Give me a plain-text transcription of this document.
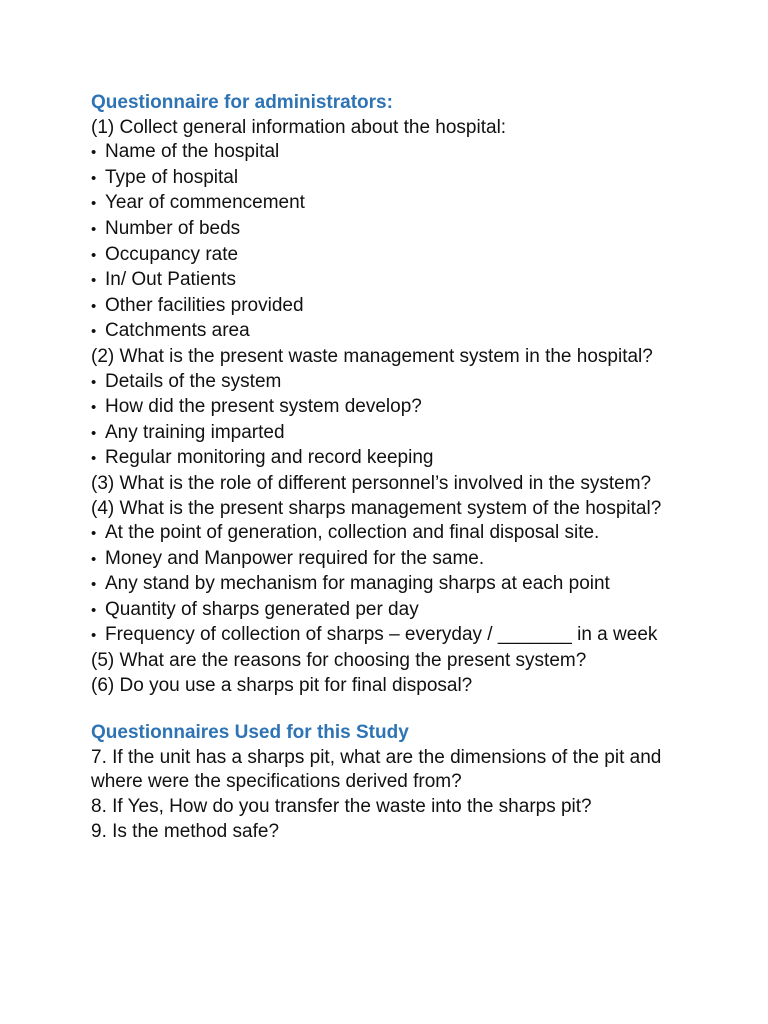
Questionnaire for administrators:
(1) Collect general information about the hospital:
• Name of the hospital
• Type of hospital
• Year of commencement
• Number of beds
• Occupancy rate
• In/ Out Patients
• Other facilities provided
• Catchments area
(2) What is the present waste management system in the hospital?
• Details of the system
• How did the present system develop?
• Any training imparted
• Regular monitoring and record keeping
(3) What is the role of different personnel’s involved in the system?
(4) What is the present sharps management system of the hospital?
• At the point of generation, collection and final disposal site.
• Money and Manpower required for the same.
• Any stand by mechanism for managing sharps at each point
• Quantity of sharps generated per day
• Frequency of collection of sharps – everyday / _______ in a week
(5) What are the reasons for choosing the present system?
(6) Do you use a sharps pit for final disposal?
Questionnaires Used for this Study
7. If the unit has a sharps pit, what are the dimensions of the pit and where were the specifications derived from?
8. If Yes, How do you transfer the waste into the sharps pit?
9. Is the method safe?
